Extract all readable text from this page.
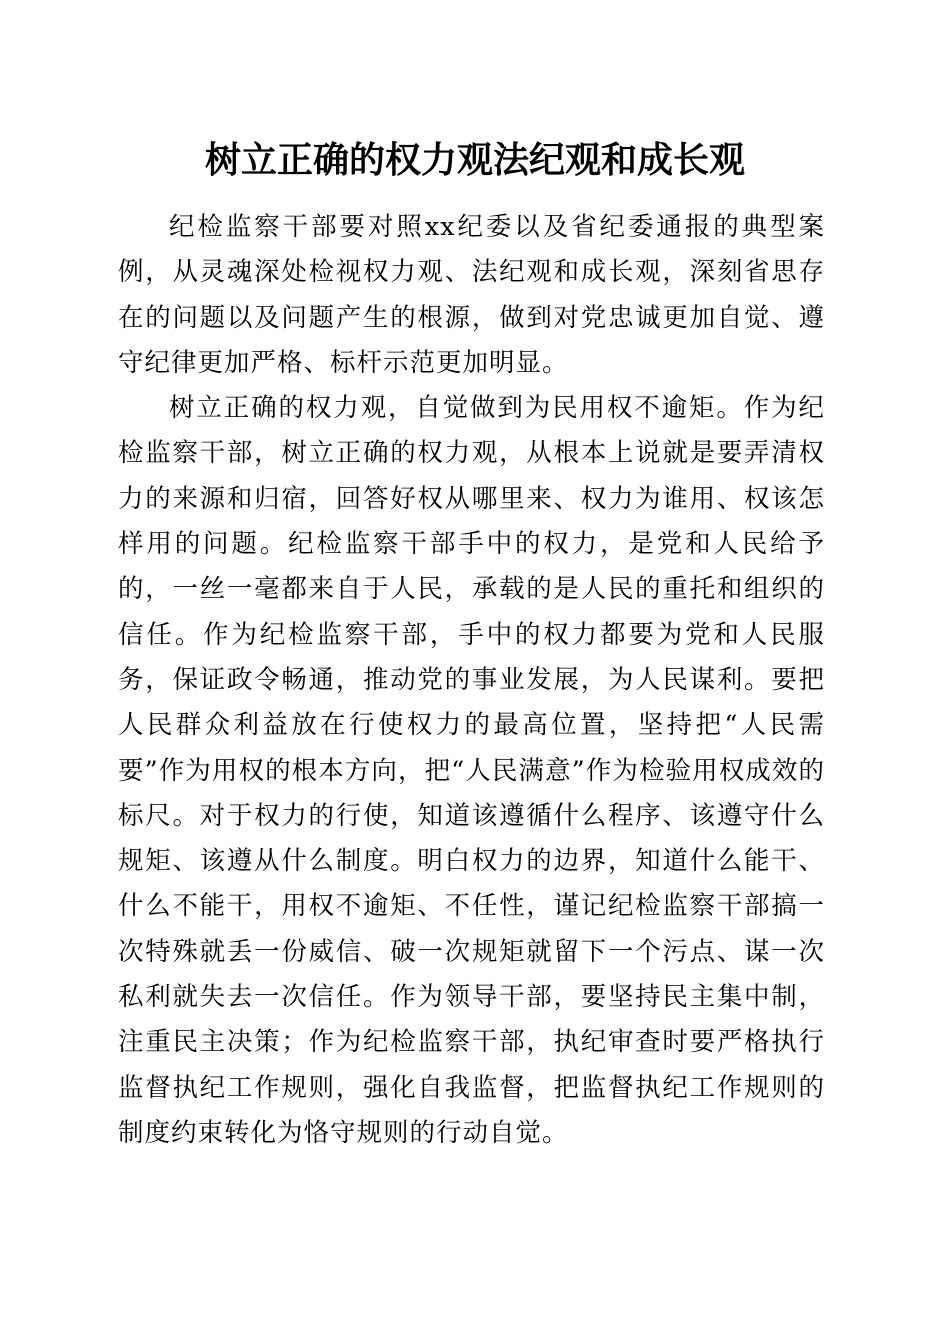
树立正确的权力观法纪观和成长观

纪检监察干部要对照xx纪委以及省纪委通报的典型案例，从灵魂深处检视权力观、法纪观和成长观，深刻省思存在的问题以及问题产生的根源，做到对党忠诚更加自觉、遵守纪律更加严格、标杆示范更加明显。

树立正确的权力观，自觉做到为民用权不逾矩。作为纪检监察干部，树立正确的权力观，从根本上说就是要弄清权力的来源和归宿，回答好权从哪里来、权力为谁用、权该怎样用的问题。纪检监察干部手中的权力，是党和人民给予的，一丝一毫都来自于人民，承载的是人民的重托和组织的信任。作为纪检监察干部，手中的权力都要为党和人民服务，保证政令畅通，推动党的事业发展，为人民谋利。要把人民群众利益放在行使权力的最高位置，坚持把“人民需要”作为用权的根本方向，把“人民满意”作为检验用权成效的标尺。对于权力的行使，知道该遵循什么程序、该遵守什么规矩、该遵从什么制度。明白权力的边界，知道什么能干、什么不能干，用权不逾矩、不任性，谨记纪检监察干部搞一次特殊就丢一份威信、破一次规矩就留下一个污点、谋一次私利就失去一次信任。作为领导干部，要坚持民主集中制，注重民主决策；作为纪检监察干部，执纪审查时要严格执行监督执纪工作规则，强化自我监督，把监督执纪工作规则的制度约束转化为恪守规则的行动自觉。
